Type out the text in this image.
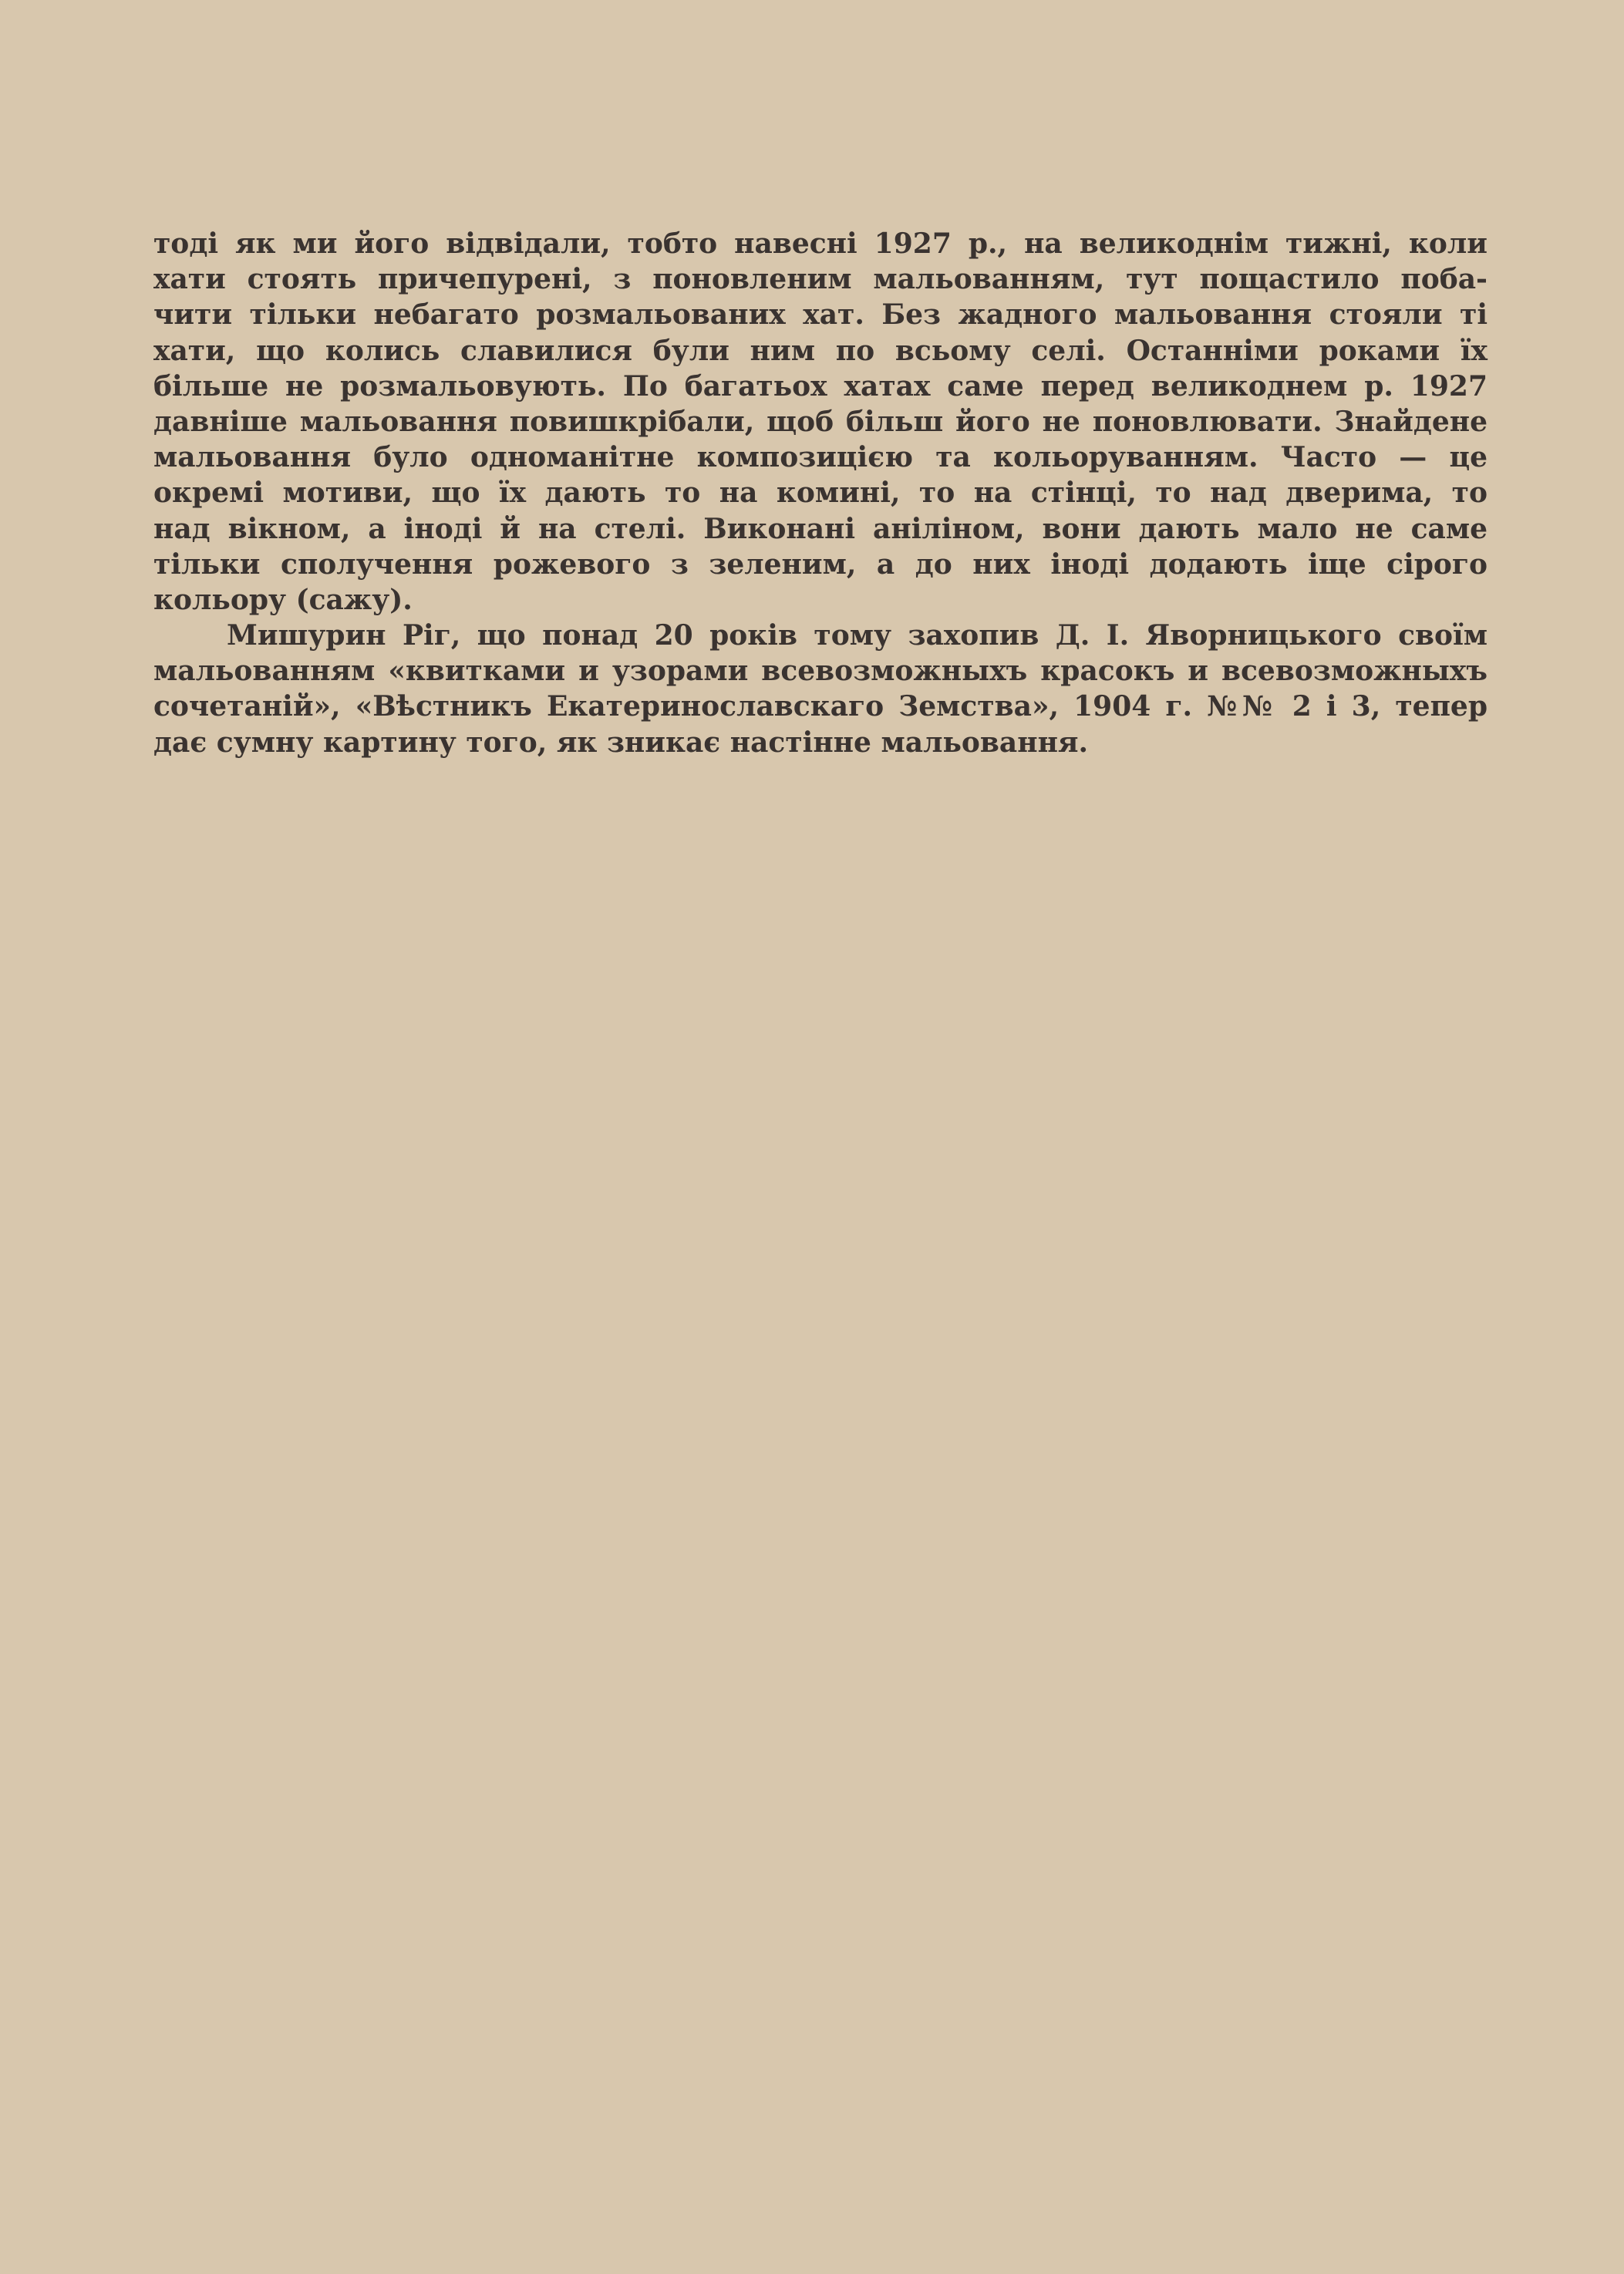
тоді як ми його відвідали, тобто навесні 1927 р., на великоднім тижні, коли
хати стоять причепурені, з поновленим мальованням, тут пощастило поба-
чити тільки небагато розмальованих хат. Без жадного мальовання стояли ті
хати, що колись славилися були ним по всьому селі. Останніми роками їх
більше не розмальовують. По багатьох хатах саме перед великоднем р. 1927
давніше мальовання повишкрібали, щоб більш його не поновлювати. Знайдене
мальовання було одноманітне композицією та кольоруванням. Часто — це
окремі мотиви, що їх дають то на комині, то на стінці, то над дверима, то
над вікном, а іноді й на стелі. Виконані аніліном, вони дають мало не саме
тільки сполучення рожевого з зеленим, а до них іноді додають іще сірого
кольору (сажу).
Мишурин Ріг, що понад 20 років тому захопив Д. І. Яворницького своїм
мальованням «квитками и узорами всевозможныхъ красокъ и всевозможныхъ
сочетаній», «Вѣстникъ Екатеринославскаго Земства», 1904 г. №№ 2 і 3, тепер
дає сумну картину того, як зникає настінне мальовання.
